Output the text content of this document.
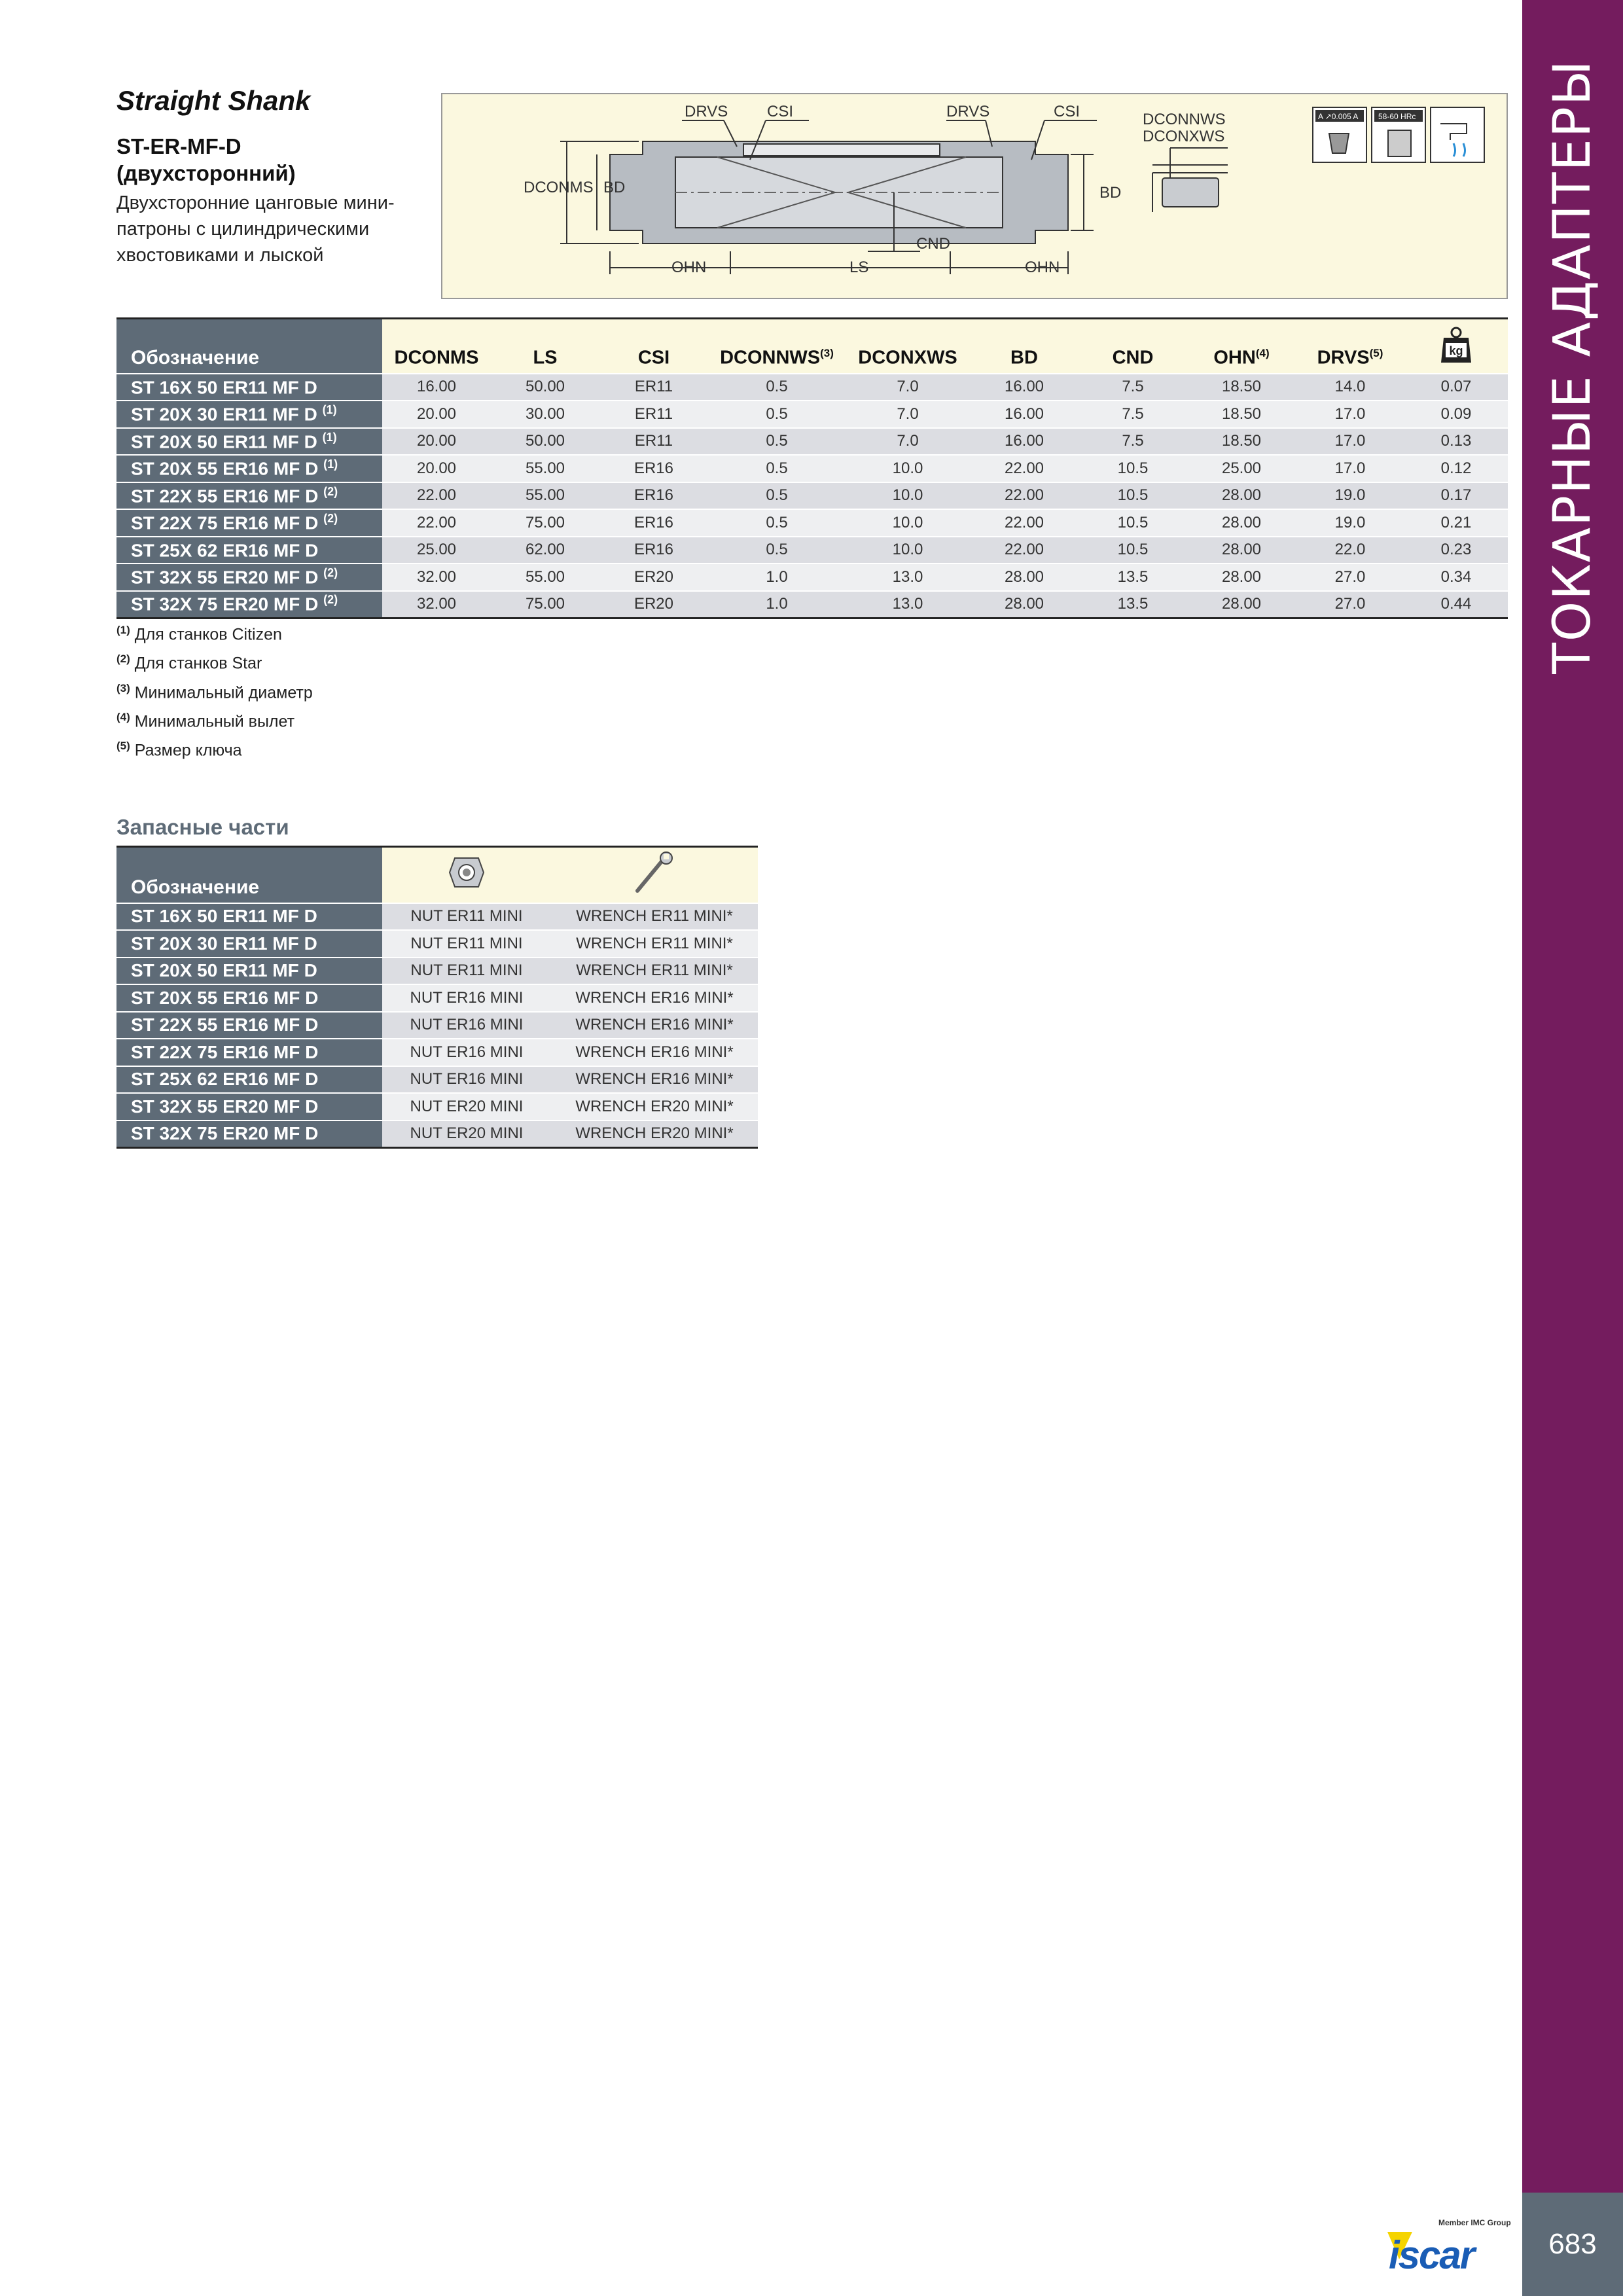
ТОКАРНЫЕ АДАПТЕРЫ
683
Straight Shank
ST-ER-MF-D
(двухсторонний)
Двухсторонние цанговые мини-
патроны с цилиндрическими
хвостовиками и лыской
DRVS CSI	DRVS	CSI	DCONNWS
DCONXWS
DCONMS BD	BD
CND
OHN	LS	OHN
A ↗0.005 A	58-60 HRc
Обозначение	DCONMS	LS	CSI	DCONNWS$^{(3)}$	DCONXWS	BD	CND	OHN$^{(4)}$	DRVS$^{(5)}$	kg

ST 16X 50 ER11 MF D	16.00	50.00	ER11	0.5	7.0	16.00	7.5	18.50	14.0	0.07
ST 20X 30 ER11 MF D $^{(1)}$	20.00	30.00	ER11	0.5	7.0	16.00	7.5	18.50	17.0	0.09
ST 20X 50 ER11 MF D $^{(1)}$	20.00	50.00	ER11	0.5	7.0	16.00	7.5	18.50	17.0	0.13
ST 20X 55 ER16 MF D $^{(1)}$	20.00	55.00	ER16	0.5	10.0	22.00	10.5	25.00	17.0	0.12
ST 22X 55 ER16 MF D $^{(2)}$	22.00	55.00	ER16	0.5	10.0	22.00	10.5	28.00	19.0	0.17
ST 22X 75 ER16 MF D $^{(2)}$	22.00	75.00	ER16	0.5	10.0	22.00	10.5	28.00	19.0	0.21
ST 25X 62 ER16 MF D	25.00	62.00	ER16	0.5	10.0	22.00	10.5	28.00	22.0	0.23
ST 32X 55 ER20 MF D $^{(2)}$	32.00	55.00	ER20	1.0	13.0	28.00	13.5	28.00	27.0	0.34
ST 32X 75 ER20 MF D $^{(2)}$	32.00	75.00	ER20	1.0	13.0	28.00	13.5	28.00	27.0	0.44
$^{(1)}$ Для станков Citizen
$^{(2)}$ Для станков Star
$^{(3)}$ Минимальный диаметр
$^{(4)}$ Минимальный вылет
$^{(5)}$ Размер ключа
Запасные части
Обозначение		
ST 16X 50 ER11 MF D	NUT ER11 MINI	WRENCH ER11 MINI*
ST 20X 30 ER11 MF D	NUT ER11 MINI	WRENCH ER11 MINI*
ST 20X 50 ER11 MF D	NUT ER11 MINI	WRENCH ER11 MINI*
ST 20X 55 ER16 MF D	NUT ER16 MINI	WRENCH ER16 MINI*
ST 22X 55 ER16 MF D	NUT ER16 MINI	WRENCH ER16 MINI*
ST 22X 75 ER16 MF D	NUT ER16 MINI	WRENCH ER16 MINI*
ST 25X 62 ER16 MF D	NUT ER16 MINI	WRENCH ER16 MINI*
ST 32X 55 ER20 MF D	NUT ER20 MINI	WRENCH ER20 MINI*
ST 32X 75 ER20 MF D	NUT ER20 MINI	WRENCH ER20 MINI*
Member IMC Group
iscar
